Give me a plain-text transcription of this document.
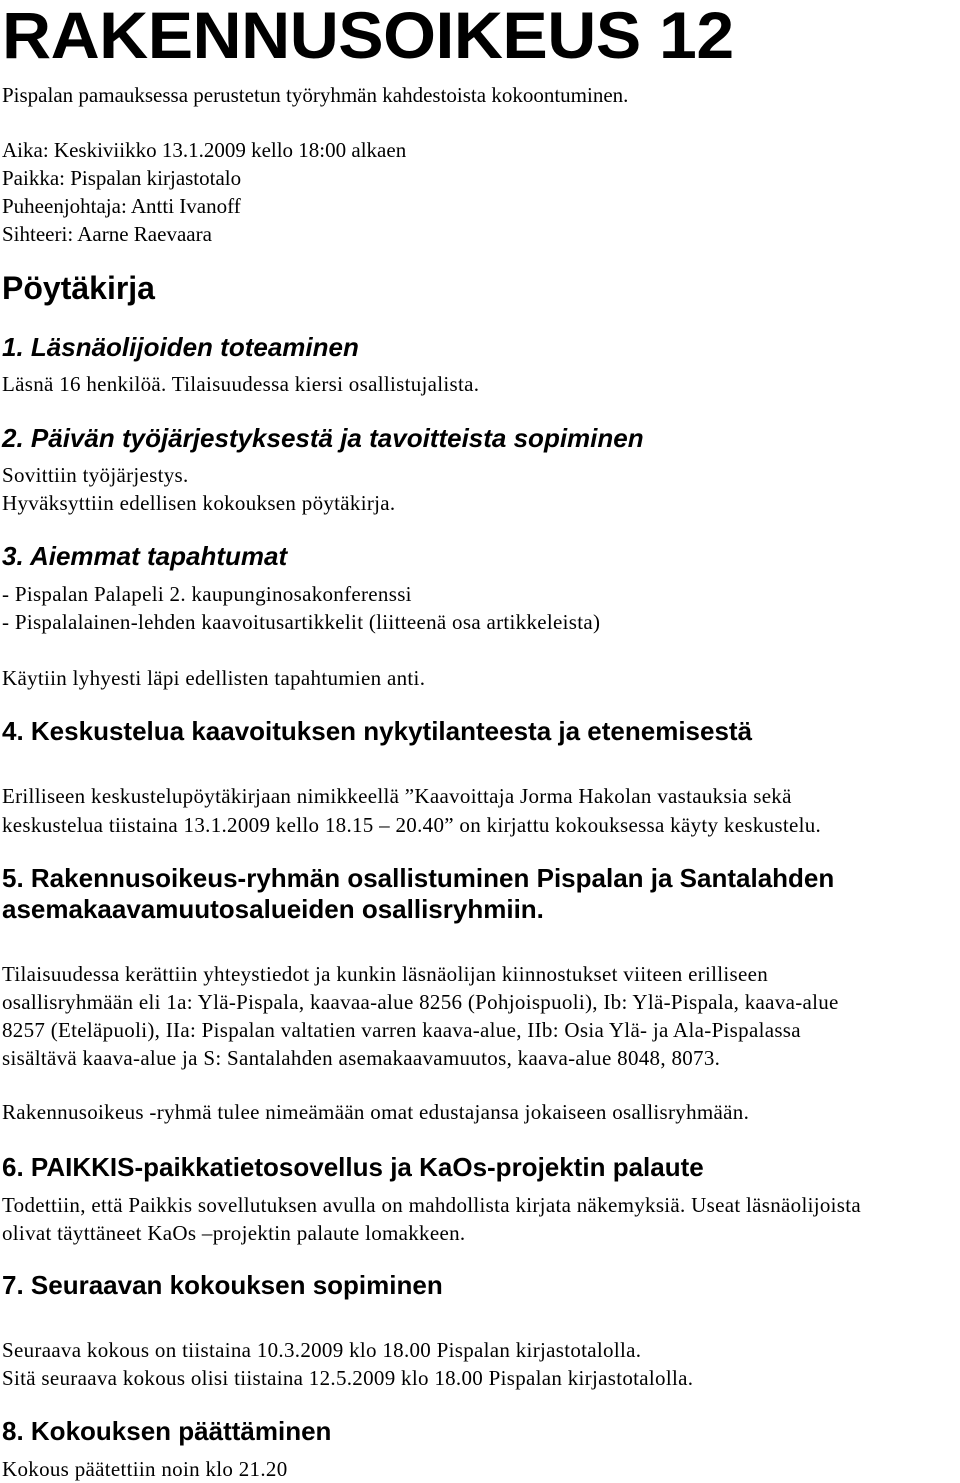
RAKENNUSOIKEUS 12

Pispalan pamauksessa perustetun työryhmän kahdestoista kokoontuminen.

Aika: Keskiviikko 13.1.2009 kello 18:00 alkaen

Paikka: Pispalan kirjastotalo

Puheenjohtaja: Antti Ivanoff

Sihteeri: Aarne Raevaara

Pöytäkirja
1. Läsnäolijoiden toteaminen

Läsnä 16 henkilöä. Tilaisuudessa kiersi osallistujalista.

2. Päivän työjärjestyksestä ja tavoitteista sopiminen

Sovittiin työjärjestys.

Hyväksyttiin edellisen kokouksen pöytäkirja.

3. Aiemmat tapahtumat

- Pispalan Palapeli 2. kaupunginosakonferenssi

- Pispalalainen-lehden kaavoitusartikkelit (liitteenä osa artikkeleista)

Käytiin lyhyesti läpi edellisten tapahtumien anti.

4. Keskustelua kaavoituksen nykytilanteesta ja etenemisestä

Erilliseen keskustelupöytäkirjaan nimikkeellä ”Kaavoittaja Jorma Hakolan vastauksia sekä

keskustelua tiistaina 13.1.2009 kello 18.15 – 20.40” on kirjattu kokouksessa käyty keskustelu.

5. Rakennusoikeus-ryhmän osallistuminen Pispalan ja Santalahden
asemakaavamuutosalueiden osallisryhmiin.

Tilaisuudessa kerättiin yhteystiedot ja kunkin läsnäolijan kiinnostukset viiteen erilliseen

osallisryhmään eli 1a: Ylä-Pispala, kaavaa-alue 8256 (Pohjoispuoli), Ib: Ylä-Pispala, kaava-alue

8257 (Eteläpuoli), IIa: Pispalan valtatien varren kaava-alue, IIb: Osia Ylä- ja Ala-Pispalassa

sisältävä kaava-alue ja S: Santalahden asemakaavamuutos, kaava-alue 8048, 8073.

Rakennusoikeus -ryhmä tulee nimeämään omat edustajansa jokaiseen osallisryhmään.

6. PAIKKIS-paikkatietosovellus ja KaOs-projektin palaute

Todettiin, että Paikkis sovellutuksen avulla on mahdollista kirjata näkemyksiä. Useat läsnäolijoista

olivat täyttäneet KaOs –projektin palaute lomakkeen.

7. Seuraavan kokouksen sopiminen

Seuraava kokous on tiistaina 10.3.2009 klo 18.00 Pispalan kirjastotalolla.

Sitä seuraava kokous olisi tiistaina 12.5.2009 klo 18.00 Pispalan kirjastotalolla.

8. Kokouksen päättäminen

Kokous päätettiin noin klo 21.20
